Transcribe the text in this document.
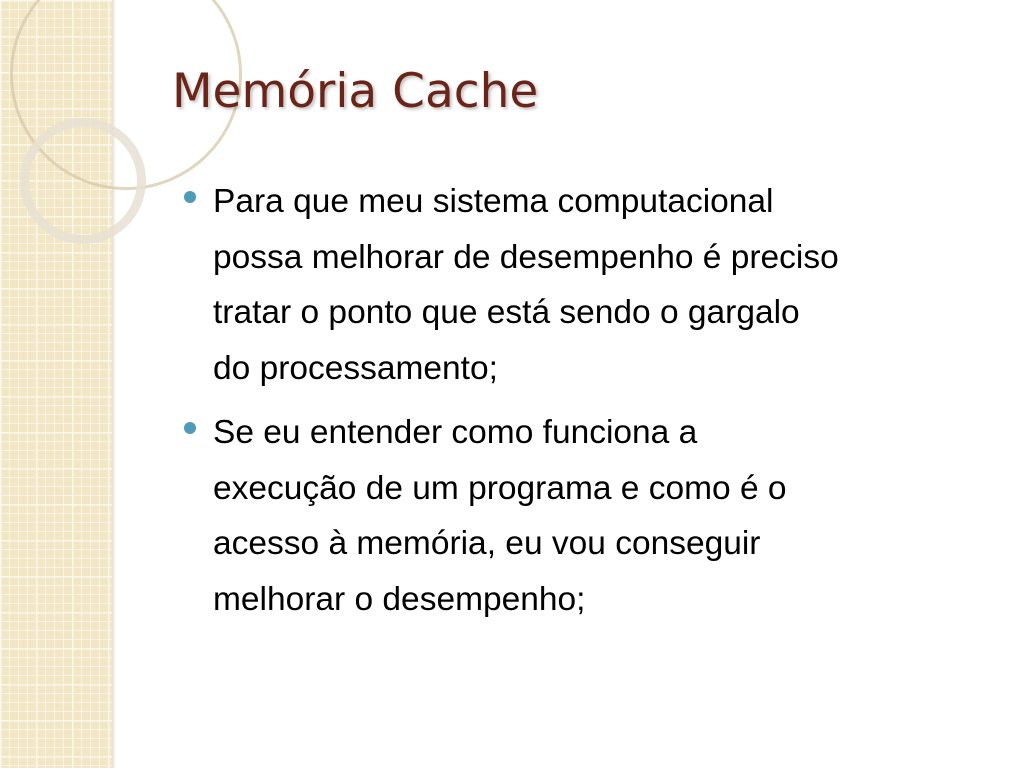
Memória Cache
Para que meu sistema computacional
possa melhorar de desempenho é preciso
tratar o ponto que está sendo o gargalo
do processamento;
Se eu entender como funciona a
execução de um programa e como é o
acesso à memória, eu vou conseguir
melhorar o desempenho;
